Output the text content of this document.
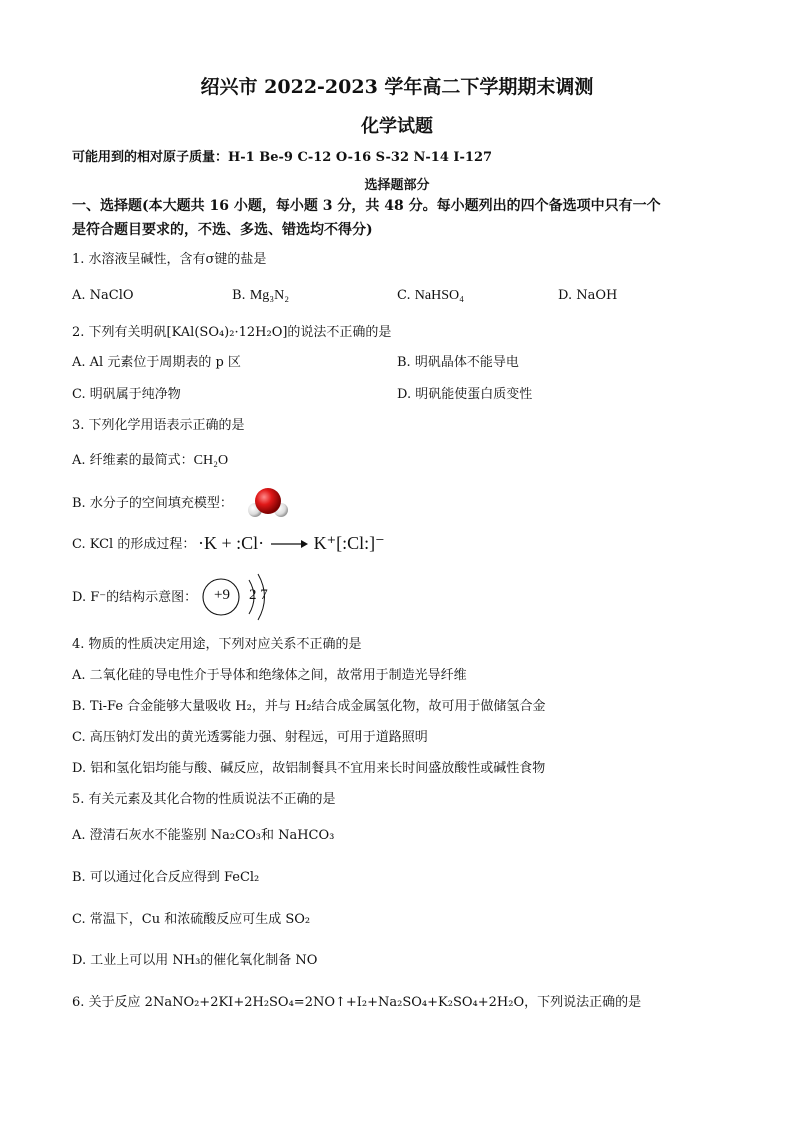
绍兴市 2022-2023 学年高二下学期期末调测
化学试题
可能用到的相对原子质量：H-1 Be-9 C-12 O-16 S-32 N-14 I-127
选择题部分
一、选择题(本大题共 16 小题，每小题 3 分，共 48 分。每小题列出的四个备选项中只有一个
是符合题目要求的，不选、多选、错选均不得分)
1. 水溶液呈碱性，含有σ键的盐是
A. NaClO	B. Mg₃N₂	C. NaHSO₄	D. NaOH
2. 下列有关明矾[KAl(SO₄)₂·12H₂O]的说法不正确的是
A. Al 元素位于周期表的 p 区	B. 明矾晶体不能导电
C. 明矾属于纯净物	D. 明矾能使蛋白质变性
3. 下列化学用语表示正确的是
A. 纤维素的最简式：CH₂O
B. 水分子的空间填充模型：
C. KCl 的形成过程： ·K + :Cl· → K⁺[:Cl:]⁻
D. F⁻的结构示意图：	+9	2 7
4. 物质的性质决定用途，下列对应关系不正确的是
A. 二氧化硅的导电性介于导体和绝缘体之间，故常用于制造光导纤维
B. Ti-Fe 合金能够大量吸收 H₂，并与 H₂结合成金属氢化物，故可用于做储氢合金
C. 高压钠灯发出的黄光透雾能力强、射程远，可用于道路照明
D. 铝和氢化铝均能与酸、碱反应，故铝制餐具不宜用来长时间盛放酸性或碱性食物
5. 有关元素及其化合物的性质说法不正确的是
A. 澄清石灰水不能鉴别 Na₂CO₃和 NaHCO₃
B. 可以通过化合反应得到 FeCl₂
C. 常温下，Cu 和浓硫酸反应可生成 SO₂
D. 工业上可以用 NH₃的催化氧化制备 NO
6. 关于反应 2NaNO₂+2KI+2H₂SO₄=2NO↑+I₂+Na₂SO₄+K₂SO₄+2H₂O，下列说法正确的是
